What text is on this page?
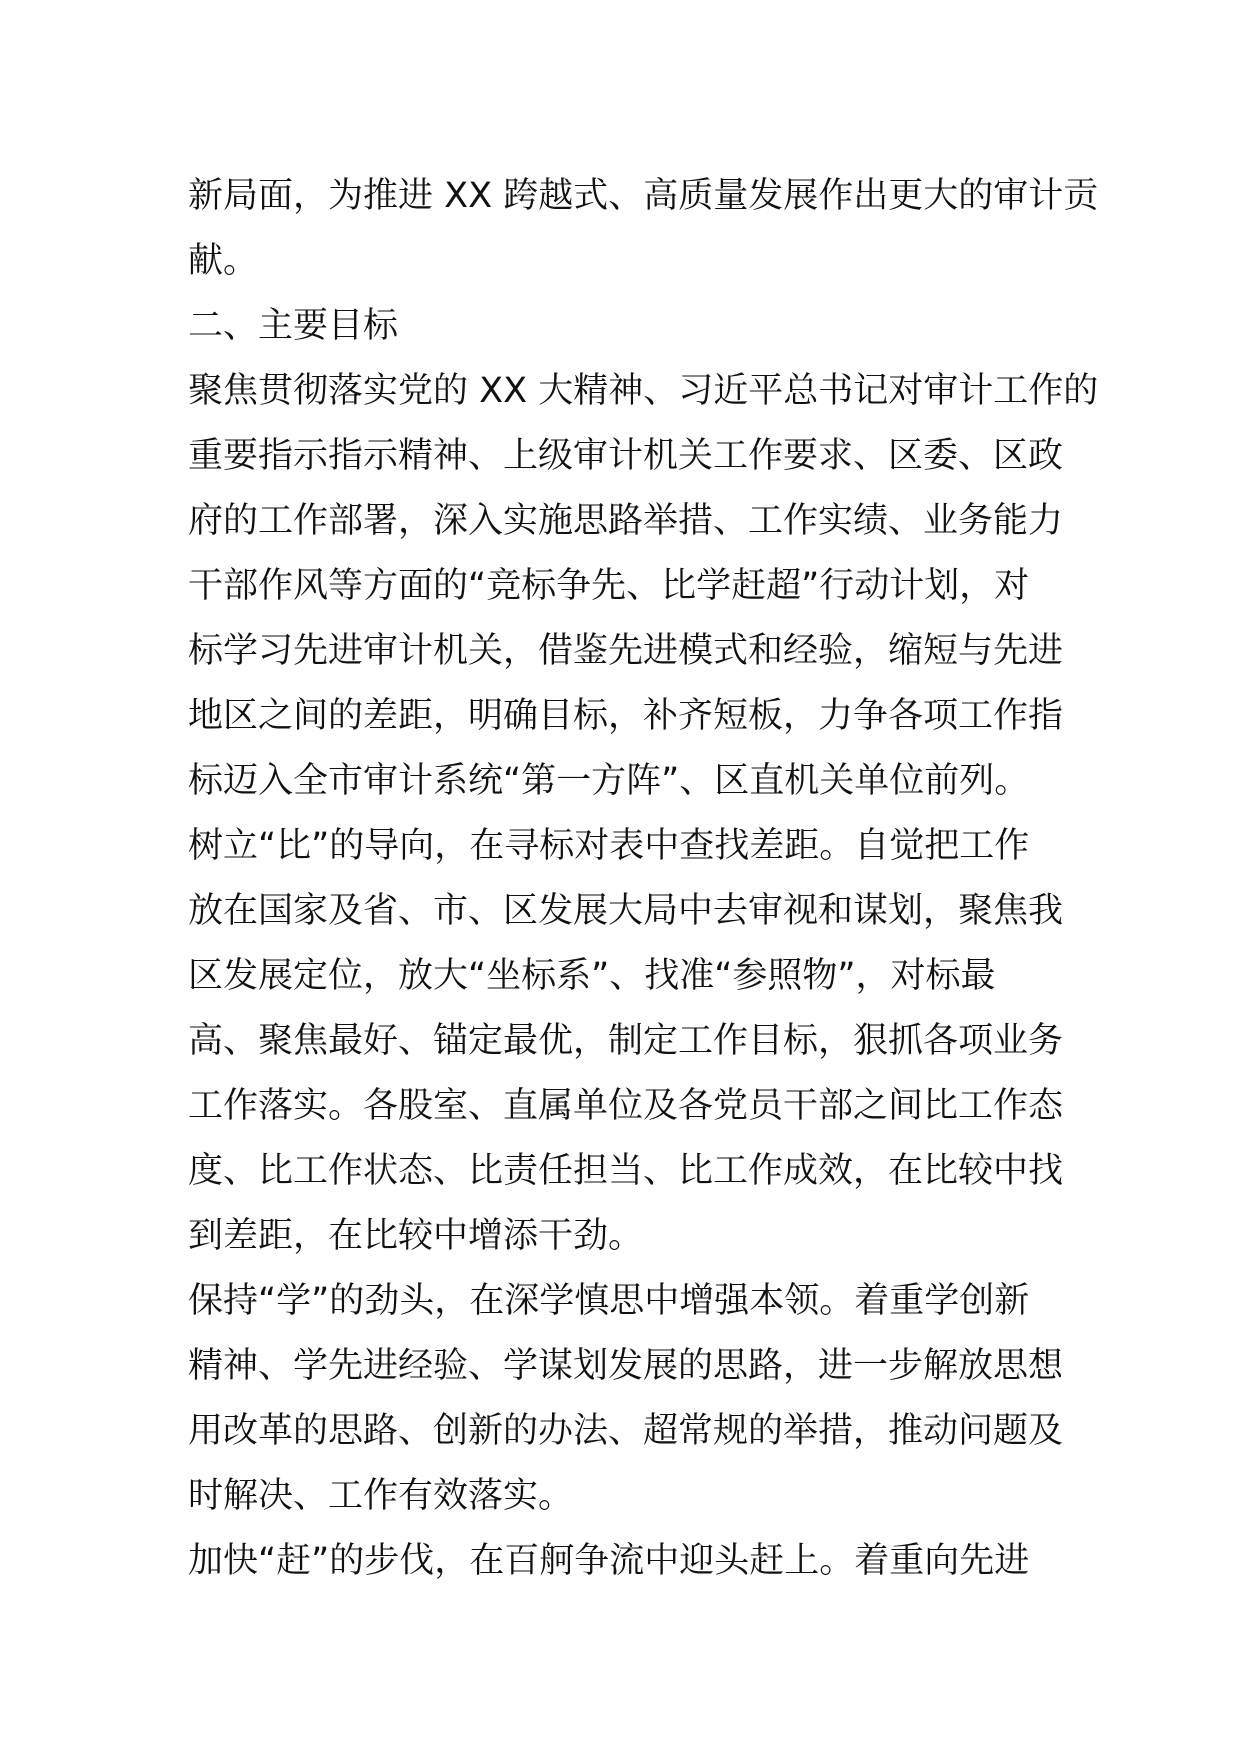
新局面，为推进 XX 跨越式、高质量发展作出更大的审计贡
献。
二、主要目标
聚焦贯彻落实党的 XX 大精神、习近平总书记对审计工作的
重要指示指示精神、上级审计机关工作要求、区委、区政
府的工作部署，深入实施思路举措、工作实绩、业务能力
干部作风等方面的“竞标争先、比学赶超”行动计划，对
标学习先进审计机关，借鉴先进模式和经验，缩短与先进
地区之间的差距，明确目标，补齐短板，力争各项工作指
标迈入全市审计系统“第一方阵”、区直机关单位前列。
树立“比”的导向，在寻标对表中查找差距。自觉把工作
放在国家及省、市、区发展大局中去审视和谋划，聚焦我
区发展定位，放大“坐标系”、找准“参照物”，对标最
高、聚焦最好、锚定最优，制定工作目标，狠抓各项业务
工作落实。各股室、直属单位及各党员干部之间比工作态
度、比工作状态、比责任担当、比工作成效，在比较中找
到差距，在比较中增添干劲。
保持“学”的劲头，在深学慎思中增强本领。着重学创新
精神、学先进经验、学谋划发展的思路，进一步解放思想
用改革的思路、创新的办法、超常规的举措，推动问题及
时解决、工作有效落实。
加快“赶”的步伐，在百舸争流中迎头赶上。着重向先进
